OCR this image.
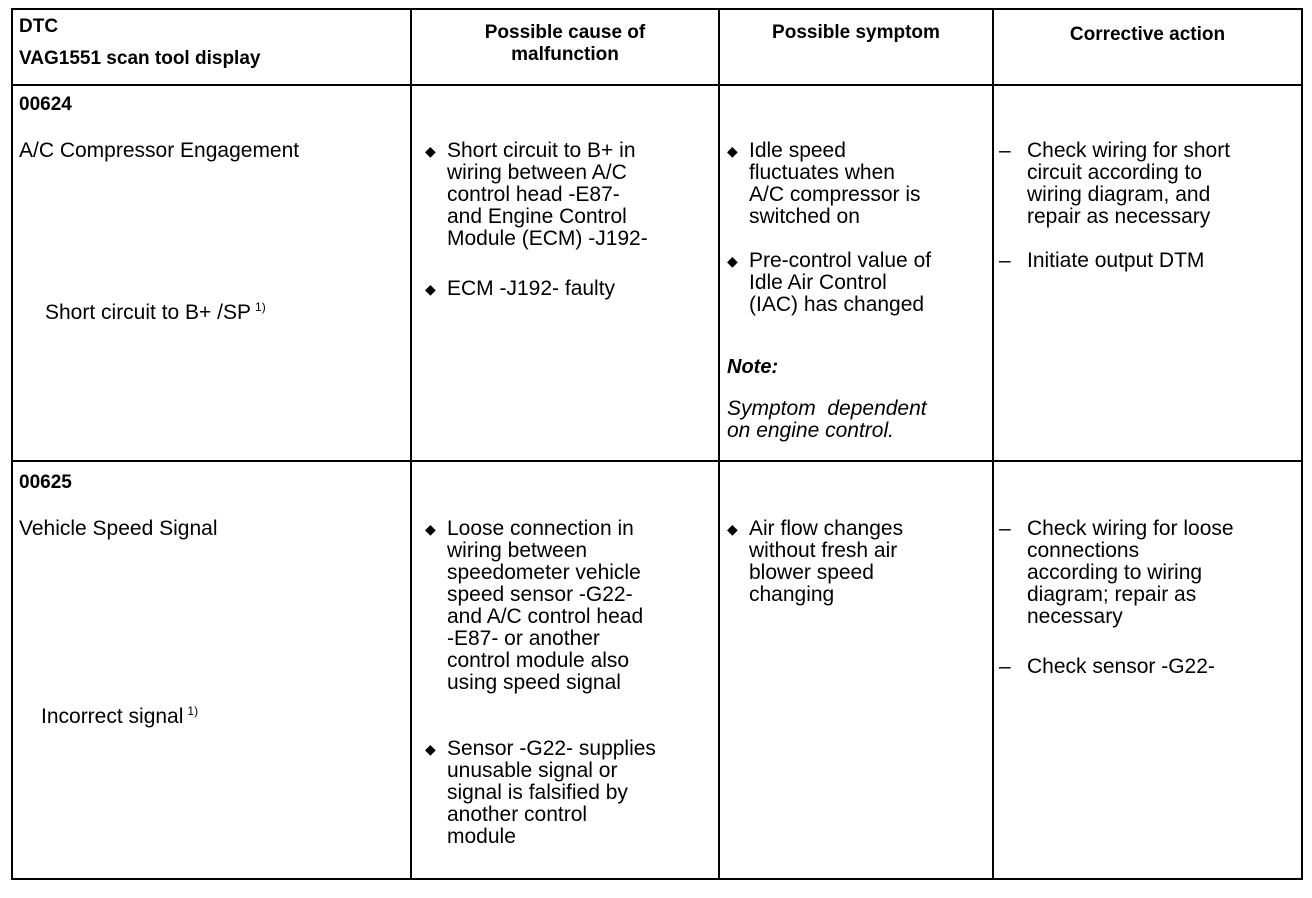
DTC
VAG1551 scan tool display
Possible cause of
malfunction
Possible symptom	Corrective action
00624
A/C Compressor Engagement
Short circuit to B+ /SP $^{1)}$
◆ Short circuit to B+ in
wiring between A/C
control head -E87-
and Engine Control
Module (ECM) -J192-
◆ ECM -J192- faulty
◆ Idle speed
fluctuates when
A/C compressor is
switched on
◆ Pre-control value of
Idle Air Control
(IAC) has changed
Note:
Symptom  dependent
on engine control.
– Check wiring for short
circuit according to
wiring diagram, and
repair as necessary
– Initiate output DTM
00625
Vehicle Speed Signal
Incorrect signal $^{1)}$
◆ Loose connection in
wiring between
speedometer vehicle
speed sensor -G22-
and A/C control head
-E87- or another
control module also
using speed signal
◆ Sensor -G22- supplies
unusable signal or
signal is falsified by
another control
module
◆ Air flow changes
without fresh air
blower speed
changing
– Check wiring for loose
connections
according to wiring
diagram; repair as
necessary
– Check sensor -G22-
